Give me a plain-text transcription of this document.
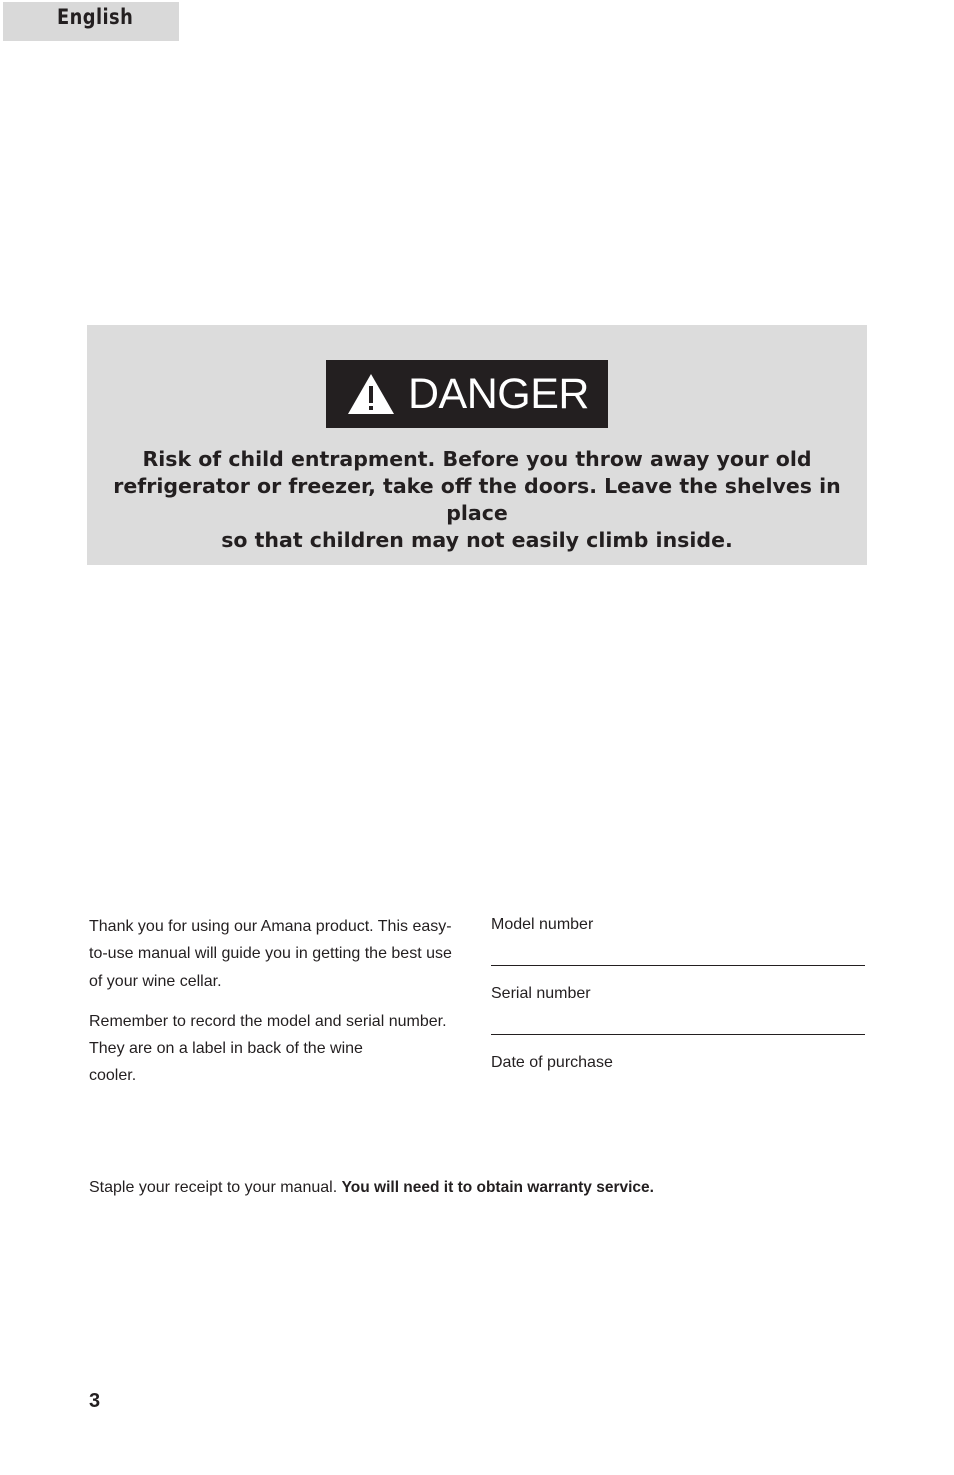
English
DANGER
Risk of child entrapment. Before you throw away your old
refrigerator or freezer, take off the doors. Leave the shelves in place
so that children may not easily climb inside.

Thank you for using our Amana product. This easy-
to-use manual will guide you in getting the best use
of your wine cellar.

Remember to record the model and serial number.
They are on a label in back of the wine
cooler.

Model number
Serial number
Date of purchase
Staple your receipt to your manual. You will need it to obtain warranty service.
3
